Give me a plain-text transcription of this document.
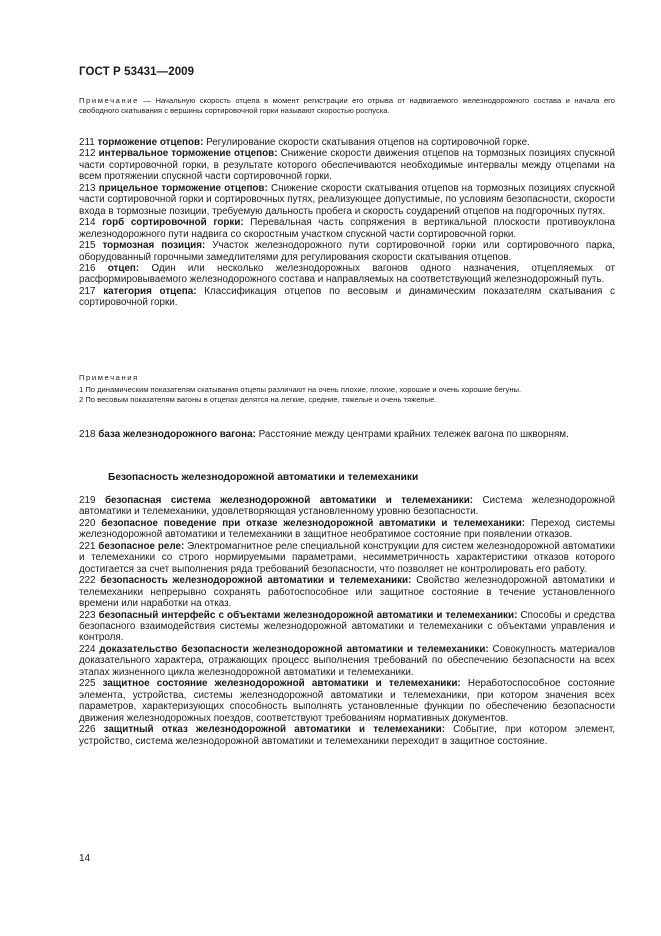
ГОСТ Р 53431—2009
Примечание — Начальную скорость отцепа в момент регистрации его отрыва от надвигаемого железнодорожного состава и начала его свободного скатывания с вершины сортировочной горки называют скоростью роспуска.

211 торможение отцепов: Регулирование скорости скатывания отцепов на сортировочной горке.

212 интервальное торможение отцепов: Снижение скорости движения отцепов на тормозных позициях спускной части сортировочной горки, в результате которого обеспечиваются необходимые интервалы между отцепами на всем протяжении спускной части сортировочной горки.

213 прицельное торможение отцепов: Снижение скорости скатывания отцепов на тормозных позициях спускной части сортировочной горки и сортировочных путях, реализующее допустимые, по условиям безопасности, скорости входа в тормозные позиции, требуемую дальность пробега и скорость соударений отцепов на подгорочных путях.

214 горб сортировочной горки: Перевальная часть сопряжения в вертикальной плоскости противоуклона железнодорожного пути надвига со скоростным участком спускной части сортировочной горки.

215 тормозная позиция: Участок железнодорожного пути сортировочной горки или сортировочного парка, оборудованный горочными замедлителями для регулирования скорости скатывания отцепов.

216 отцеп: Один или несколько железнодорожных вагонов одного назначения, отцепляемых от расформировываемого железнодорожного состава и направляемых на соответствующий железнодорожный путь.

217 категория отцепа: Классификация отцепов по весовым и динамическим показателям скатывания с сортировочной горки.

Примечания

1 По динамическим показателям скатывания отцепы различают на очень плохие, плохие, хорошие и очень хорошие бегуны.

2 По весовым показателям вагоны в отцепах делятся на легкие, средние, тяжелые и очень тяжелые.

218 база железнодорожного вагона: Расстояние между центрами крайних тележек вагона по шкворням.

Безопасность железнодорожной автоматики и телемеханики

219 безопасная система железнодорожной автоматики и телемеханики: Система железнодорожной автоматики и телемеханики, удовлетворяющая установленному уровню безопасности.

220 безопасное поведение при отказе железнодорожной автоматики и телемеханики: Переход системы железнодорожной автоматики и телемеханики в защитное необратимое состояние при появлении отказов.

221 безопасное реле: Электромагнитное реле специальной конструкции для систем железнодорожной автоматики и телемеханики со строго нормируемыми параметрами, несимметричность характеристики отказов которого достигается за счет выполнения ряда требований безопасности, что позволяет не контролировать его работу.

222 безопасность железнодорожной автоматики и телемеханики: Свойство железнодорожной автоматики и телемеханики непрерывно сохранять работоспособное или защитное состояние в течение установленного времени или наработки на отказ.

223 безопасный интерфейс с объектами железнодорожной автоматики и телемеханики: Способы и средства безопасного взаимодействия системы железнодорожной автоматики и телемеханики с объектами управления и контроля.

224 доказательство безопасности железнодорожной автоматики и телемеханики: Совокупность материалов доказательного характера, отражающих процесс выполнения требований по обеспечению безопасности на всех этапах жизненного цикла железнодорожной автоматики и телемеханики.

225 защитное состояние железнодорожной автоматики и телемеханики: Неработоспособное состояние элемента, устройства, системы железнодорожной автоматики и телемеханики, при котором значения всех параметров, характеризующих способность выполнять установленные функции по обеспечению безопасности движения железнодорожных поездов, соответствуют требованиям нормативных документов.

226 защитный отказ железнодорожной автоматики и телемеханики: Событие, при котором элемент, устройство, система железнодорожной автоматики и телемеханики переходит в защитное состояние.

14
